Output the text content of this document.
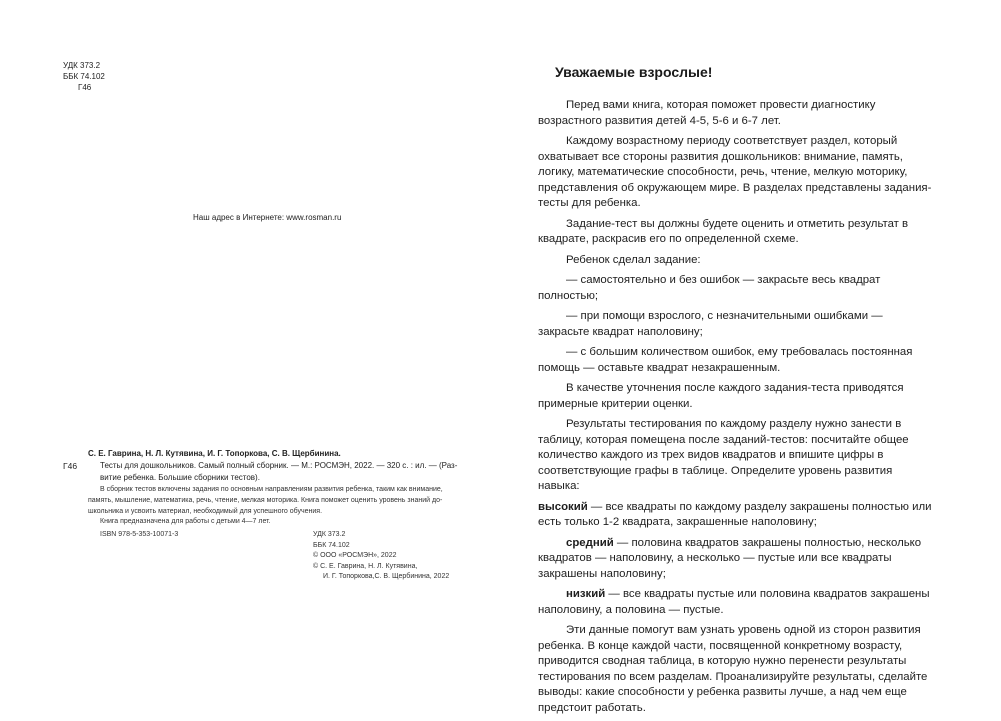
УДК 373.2
ББК 74.102
Г46
Наш адрес в Интернете: www.rosman.ru
С. Е. Гаврина, Н. Л. Кутявина, И. Г. Топоркова, С. В. Щербинина.
Г46	Тесты для дошкольников. Самый полный сборник. — М.: РОСМЭН, 2022. — 320 с. : ил. — (Раз-
витие ребенка. Большие сборники тестов).
В сборник тестов включены задания по основным направлениям развития ребенка, таким как внимание,
память, мышление, математика, речь, чтение, мелкая моторика. Книга поможет оценить уровень знаний до-
школьника и усвоить материал, необходимый для успешного обучения.
Книга предназначена для работы с детьми 4—7 лет.
ISBN 978-5-353-10071-3	УДК 373.2
ББК 74.102
© ООО «РОСМЭН», 2022
© С. Е. Гаврина, Н. Л. Кутявина,
И. Г. Топоркова,С. В. Щербинина, 2022
Уважаемые взрослые!

Перед вами книга, которая поможет провести диагностику возрастного развития детей 4-5, 5-6 и 6-7 лет.

Каждому возрастному периоду соответствует раздел, который охватывает все стороны развития дошкольников: внимание, память, логику, математические способности, речь, чтение, мелкую моторику, представления об окружающем мире. В разделах представлены задания-тесты для ребенка.

Задание-тест вы должны будете оценить и отметить результат в квадрате, раскрасив его по определенной схеме.

Ребенок сделал задание:

— самостоятельно и без ошибок — закрасьте весь квадрат полностью;

— при помощи взрослого, с незначительными ошибками — закрасьте квадрат наполовину;

— с большим количеством ошибок, ему требовалась постоянная помощь — оставьте квадрат незакрашенным.

В качестве уточнения после каждого задания-теста приводятся примерные критерии оценки.

Результаты тестирования по каждому разделу нужно занести в таблицу, которая помещена после заданий-тестов: посчитайте общее количество каждого из трех видов квадратов и впишите цифры в соответствующие графы в таблице. Определите уровень развития навыка:

высокий — все квадраты по каждому разделу закрашены полностью или есть только 1-2 квадрата, закрашенные наполовину;

средний — половина квадратов закрашены полностью, несколько квадратов — наполовину, а несколько — пустые или все квадраты закрашены наполовину;

низкий — все квадраты пустые или половина квадратов закрашены наполовину, а половина — пустые.

Эти данные помогут вам узнать уровень одной из сторон развития ребенка. В конце каждой части, посвященной конкретному возрасту, приводится сводная таблица, в которую нужно перенести результаты тестирования по всем разделам. Проанализируйте результаты, сделайте выводы: какие способности у ребенка развиты лучше, а над чем еще предстоит работать.
